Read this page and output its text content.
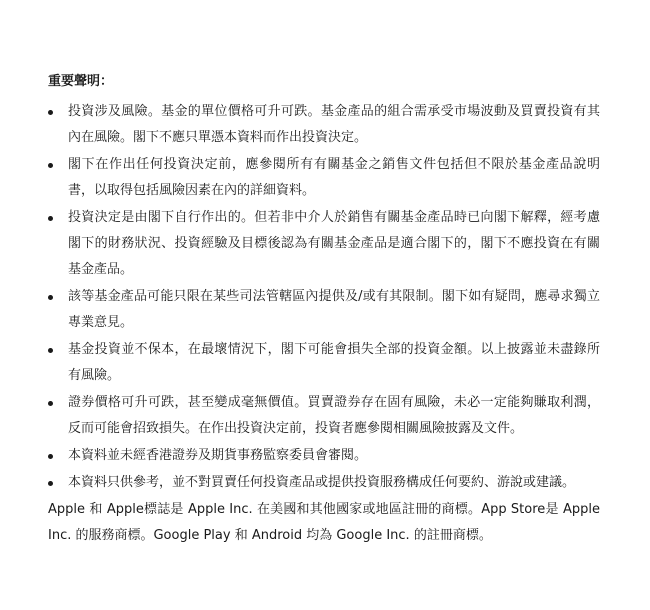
重要聲明：
投資涉及風險。基金的單位價格可升可跌。基金產品的組合需承受市場波動及買賣投資有其內在風險。閣下不應只單憑本資料而作出投資決定。
閣下在作出任何投資決定前，應參閱所有有關基金之銷售文件包括但不限於基金產品說明書，以取得包括風險因素在內的詳細資料。
投資決定是由閣下自行作出的。但若非中介人於銷售有關基金產品時已向閣下解釋，經考慮閣下的財務狀況、投資經驗及目標後認為有關基金產品是適合閣下的，閣下不應投資在有關基金產品。
該等基金產品可能只限在某些司法管轄區內提供及/或有其限制。閣下如有疑問，應尋求獨立專業意見。
基金投資並不保本，在最壞情況下，閣下可能會損失全部的投資金額。以上披露並未盡錄所有風險。
證券價格可升可跌，甚至變成毫無價值。買賣證券存在固有風險，未必一定能夠賺取利潤，反而可能會招致損失。在作出投資決定前，投資者應參閱相關風險披露及文件。
本資料並未經香港證券及期貨事務監察委員會審閱。
本資料只供參考，並不對買賣任何投資產品或提供投資服務構成任何要約、游說或建議。
Apple 和 Apple標誌是 Apple Inc. 在美國和其他國家或地區註冊的商標。App Store是 Apple Inc. 的服務商標。Google Play 和 Android 均為 Google Inc. 的註冊商標。
